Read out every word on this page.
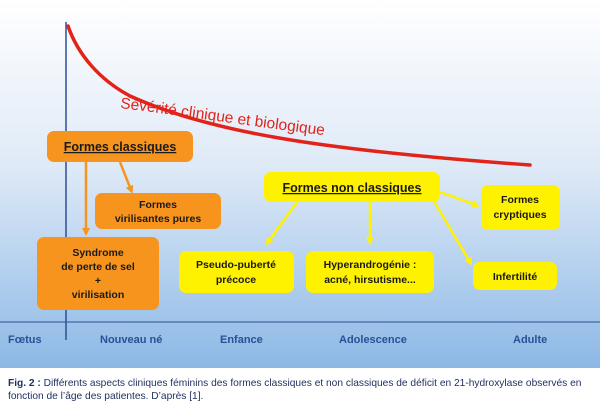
Sévérité clinique et biologique
Formes classiques
Formes
virilisantes pures
Syndrome
de perte de sel
+
virilisation
Formes non classiques
Formes
cryptiques
Pseudo-puberté
précoce
Hyperandrogénie :
acné, hirsutisme...	Infertilité
Fœtus	Nouveau né	Enfance	Adolescence	Adulte
Fig. 2 : Différents aspects cliniques féminins des formes classiques et non classiques de déficit en 21-hydroxylase observés en fonction de l’âge des patientes. D’après [1].
